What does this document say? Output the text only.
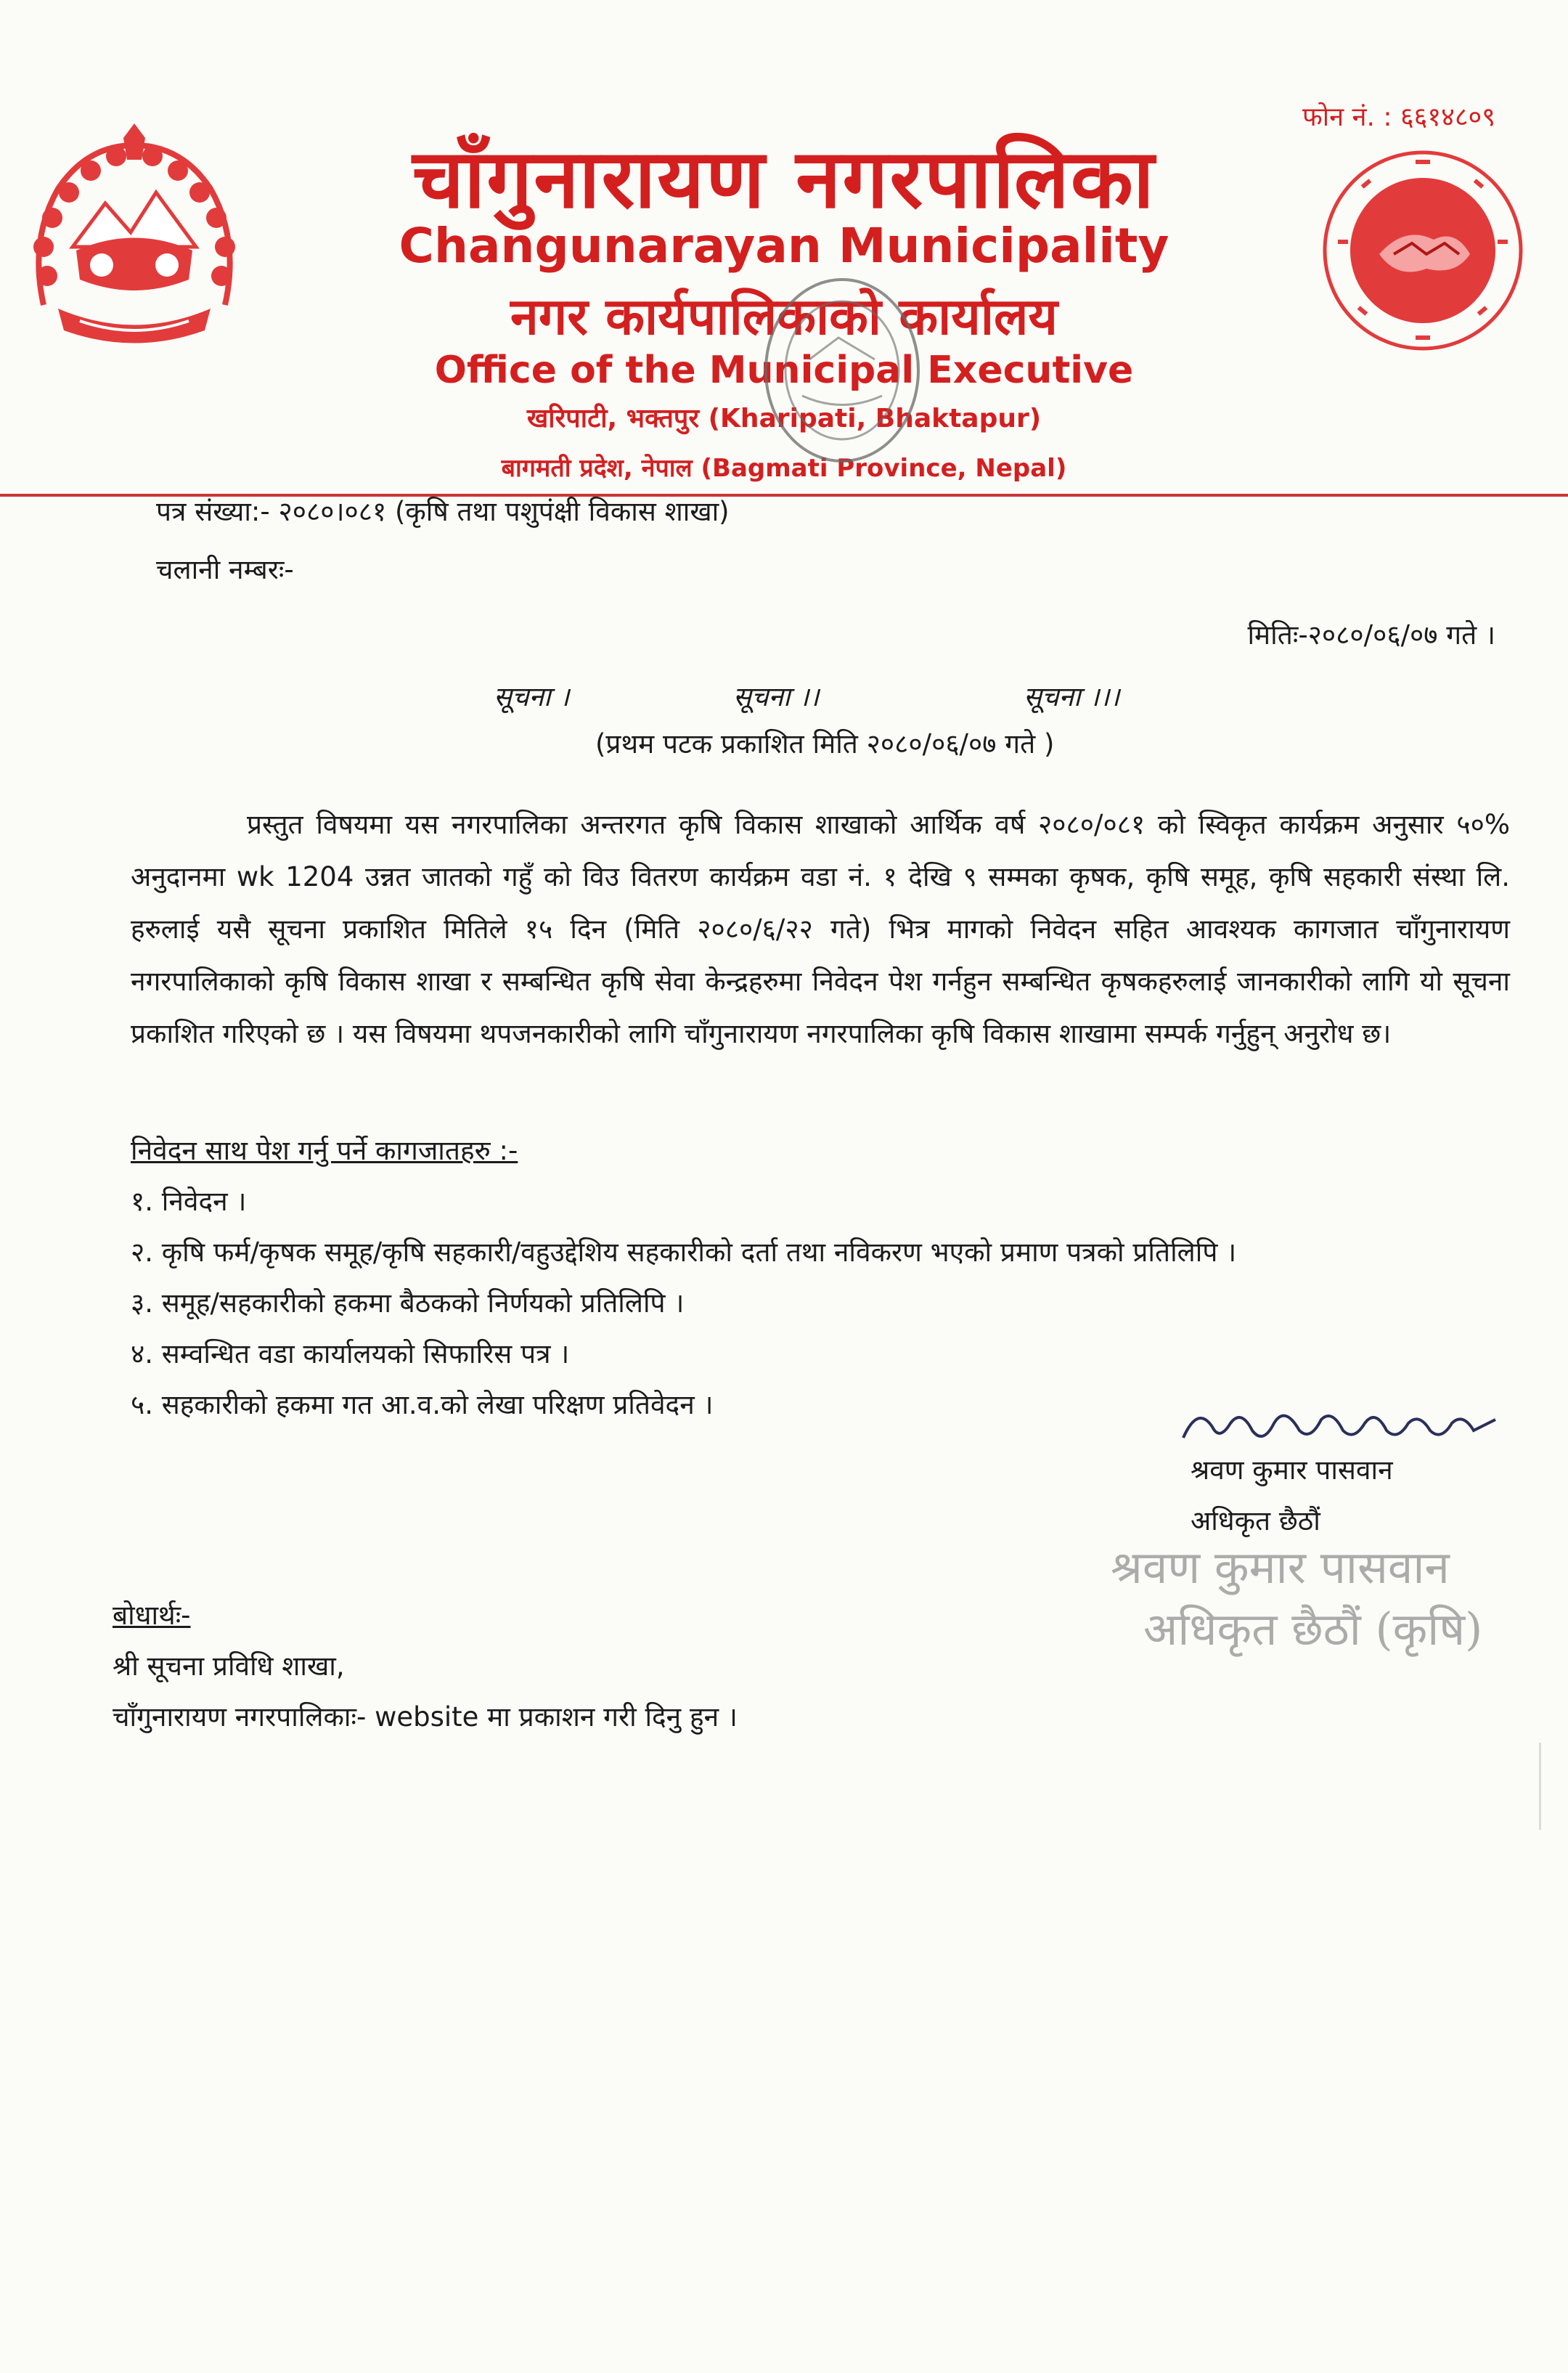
फोन नं. : ६६१४८०९
चाँगुनारायण नगरपालिका
Changunarayan Municipality
नगर कार्यपालिकाको कार्यालय
Office of the Municipal Executive
खरिपाटी, भक्तपुर (Kharipati, Bhaktapur)
बागमती प्रदेश, नेपाल (Bagmati Province, Nepal)
पत्र संख्या:- २०८०।०८१ (कृषि तथा पशुपंक्षी विकास शाखा)
चलानी नम्बरः-
मितिः-२०८०/०६/०७ गते ।
सूचना ।	सूचना ।।	सूचना ।।।
(प्रथम पटक प्रकाशित मिति २०८०/०६/०७ गते )
प्रस्तुत विषयमा यस नगरपालिका अन्तरगत कृषि विकास शाखाको आर्थिक वर्ष २०८०/०८१ को स्विकृत कार्यक्रम अनुसार ५०% अनुदानमा wk 1204 उन्नत जातको गहुँ को विउ वितरण कार्यक्रम वडा नं. १ देखि ९ सम्मका कृषक, कृषि समूह, कृषि सहकारी संस्था लि. हरुलाई यसै सूचना प्रकाशित मितिले १५ दिन (मिति २०८०/६/२२ गते) भित्र मागको निवेदन सहित आवश्यक कागजात चाँगुनारायण नगरपालिकाको कृषि विकास शाखा र सम्बन्धित कृषि सेवा केन्द्रहरुमा निवेदन पेश गर्नहुन सम्बन्धित कृषकहरुलाई जानकारीको लागि यो सूचना प्रकाशित गरिएको छ । यस विषयमा थपजनकारीको लागि चाँगुनारायण नगरपालिका कृषि विकास शाखामा सम्पर्क गर्नुहुन् अनुरोध छ।
निवेदन साथ पेश गर्नु पर्ने कागजातहरु :-
१. निवेदन ।
२. कृषि फर्म/कृषक समूह/कृषि सहकारी/वहुउद्देशिय सहकारीको दर्ता तथा नविकरण भएको प्रमाण पत्रको प्रतिलिपि ।
३. समूह/सहकारीको हकमा बैठकको निर्णयको प्रतिलिपि ।
४. सम्वन्धित वडा कार्यालयको सिफारिस पत्र ।
५. सहकारीको हकमा गत आ.व.को लेखा परिक्षण प्रतिवेदन ।
श्रवण कुमार पासवान
अधिकृत छैठौं
श्रवण कुमार पासवान
अधिकृत छैठौं (कृषि)
बोधार्थः-
श्री सूचना प्रविधि शाखा,
चाँगुनारायण नगरपालिकाः- website मा प्रकाशन गरी दिनु हुन ।
